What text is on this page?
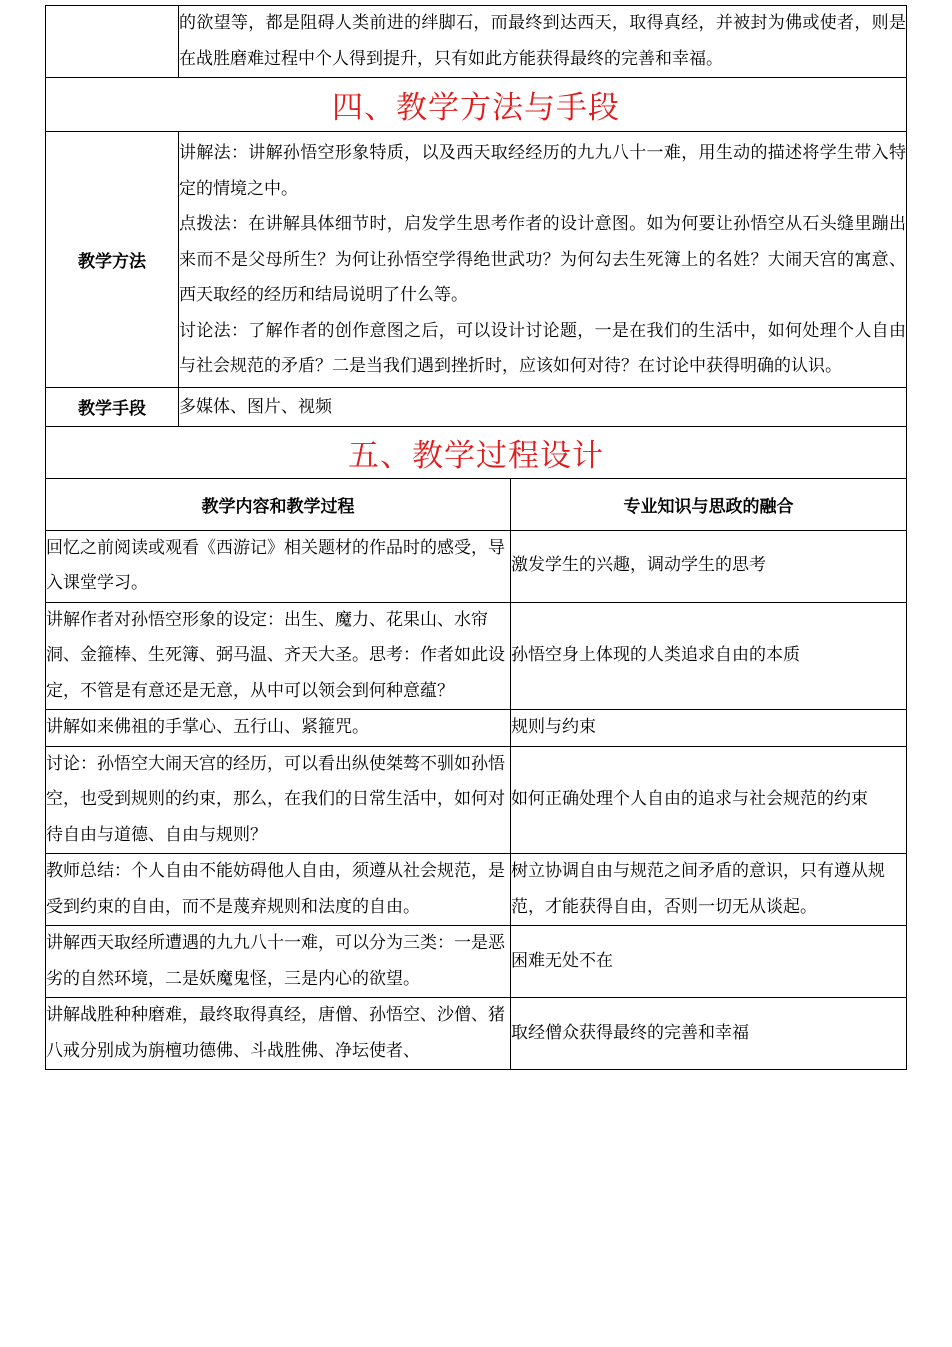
	的欲望等，都是阻碍人类前进的绊脚石，而最终到达西天，取得真经，并被封为佛或使者，则是在战胜磨难过程中个人得到提升，只有如此方能获得最终的完善和幸福。	
四、教学方法与手段		
教学方法	讲解法：讲解孙悟空形象特质，以及西天取经经历的九九八十一难，用生动的描述将学生带入特定的情境之中。
点拨法：在讲解具体细节时，启发学生思考作者的设计意图。如为何要让孙悟空从石头缝里蹦出来而不是父母所生？为何让孙悟空学得绝世武功？为何勾去生死簿上的名姓？大闹天宫的寓意、西天取经的经历和结局说明了什么等。
讨论法：了解作者的创作意图之后，可以设计讨论题，一是在我们的生活中，如何处理个人自由与社会规范的矛盾？二是当我们遇到挫折时，应该如何对待？在讨论中获得明确的认识。	

教学手段	多媒体、图片、视频	
五、教学过程设计		
教学内容和教学过程		专业知识与思政的融合
回忆之前阅读或观看《西游记》相关题材的作品时的感受，导入课堂学习。		激发学生的兴趣，调动学生的思考
讲解作者对孙悟空形象的设定：出生、魔力、花果山、水帘洞、金箍棒、生死簿、弼马温、齐天大圣。思考：作者如此设定，不管是有意还是无意，从中可以领会到何种意蕴？		孙悟空身上体现的人类追求自由的本质
讲解如来佛祖的手掌心、五行山、紧箍咒。		规则与约束
讨论：孙悟空大闹天宫的经历，可以看出纵使桀骜不驯如孙悟空，也受到规则的约束，那么，在我们的日常生活中，如何对待自由与道德、自由与规则？		如何正确处理个人自由的追求与社会规范的约束
教师总结：个人自由不能妨碍他人自由，须遵从社会规范，是受到约束的自由，而不是蔑弃规则和法度的自由。		树立协调自由与规范之间矛盾的意识，只有遵从规范，才能获得自由，否则一切无从谈起。
讲解西天取经所遭遇的九九八十一难，可以分为三类：一是恶劣的自然环境，二是妖魔鬼怪，三是内心的欲望。		困难无处不在
讲解战胜种种磨难，最终取得真经，唐僧、孙悟空、沙僧、猪八戒分别成为旃檀功德佛、斗战胜佛、净坛使者、		取经僧众获得最终的完善和幸福
